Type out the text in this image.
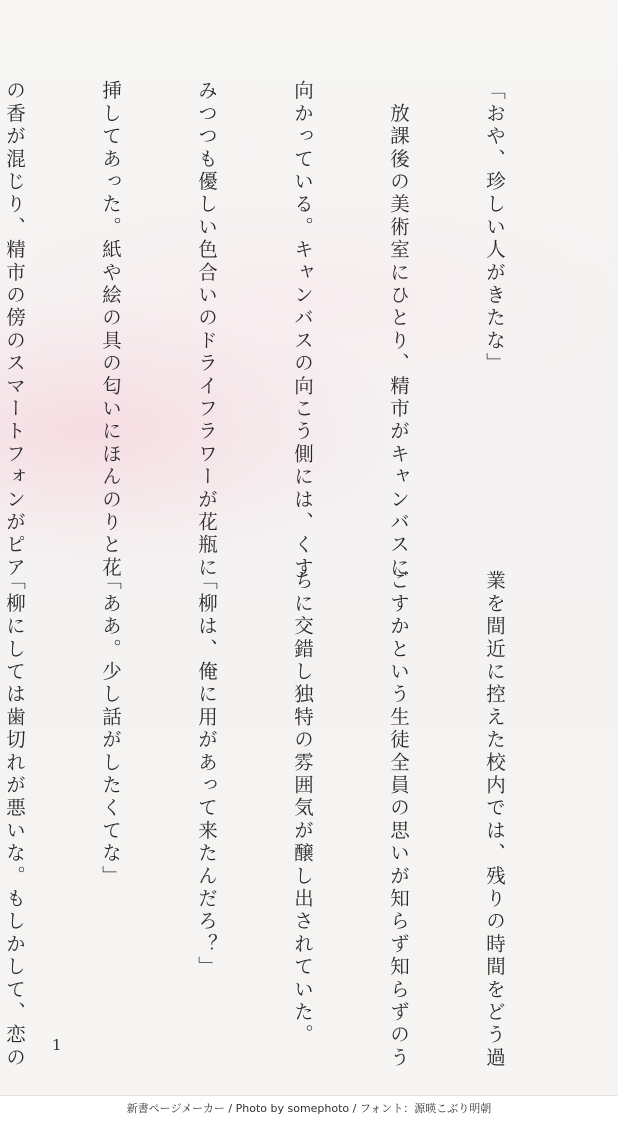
「おや、珍しい人がきたな」

　放課後の美術室にひとり、精市がキャンバスに

向かっている。キャンバスの向こう側には、くす

みつつも優しい色合いのドライフラワーが花瓶に

挿してあった。紙や絵の具の匂いにほんのりと花

の香が混じり、精市の傍のスマートフォンがピア

業を間近に控えた校内では、残りの時間をどう過

ごすかという生徒全員の思いが知らず知らずのう

ちに交錯し独特の雰囲気が醸し出されていた。

「柳は、俺に用があって来たんだろ？」

「ああ。少し話がしたくてな」

「柳にしては歯切れが悪いな。もしかして、恋の

1
新書ページメーカー / Photo by somephoto / フォント：源暎こぶり明朝
